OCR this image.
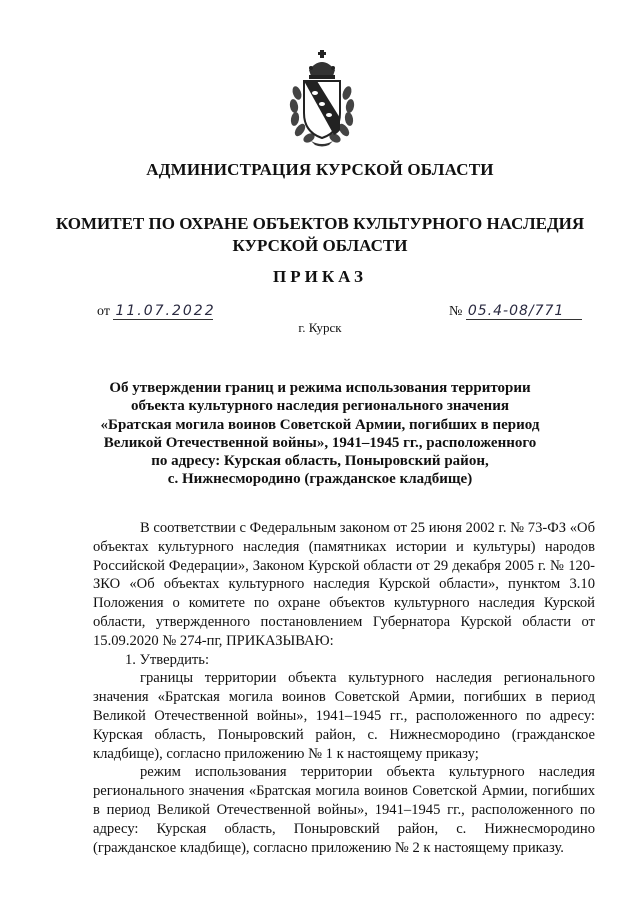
АДМИНИСТРАЦИЯ КУРСКОЙ ОБЛАСТИ
КОМИТЕТ ПО ОХРАНЕ ОБЪЕКТОВ КУЛЬТУРНОГО НАСЛЕДИЯ
КУРСКОЙ ОБЛАСТИ
ПРИКАЗ
от 11.07.2022	№ 05.4-08/771
г. Курск
Об утверждении границ и режима использования территории
объекта культурного наследия регионального значения
«Братская могила воинов Советской Армии, погибших в период
Великой Отечественной войны», 1941–1945 гг., расположенного
по адресу: Курская область, Поныровский район,
с. Нижнесмородино (гражданское кладбище)

В соответствии с Федеральным законом от 25 июня 2002 г. № 73-ФЗ «Об объектах культурного наследия (памятниках истории и культуры) народов Российской Федерации», Законом Курской области от 29 декабря 2005 г. № 120-ЗКО «Об объектах культурного наследия Курской области», пунктом 3.10 Положения о комитете по охране объектов культурного наследия Курской области, утвержденного постановлением Губернатора Курской области от 15.09.2020 № 274-пг, ПРИКАЗЫВАЮ:

1. Утвердить:

границы территории объекта культурного наследия регионального значения «Братская могила воинов Советской Армии, погибших в период Великой Отечественной войны», 1941–1945 гг., расположенного по адресу: Курская область, Поныровский район, с. Нижнесмородино (гражданское кладбище), согласно приложению № 1 к настоящему приказу;

режим использования территории объекта культурного наследия регионального значения «Братская могила воинов Советской Армии, погибших в период Великой Отечественной войны», 1941–1945 гг., расположенного по адресу: Курская область, Поныровский район, с. Нижнесмородино (гражданское кладбище), согласно приложению № 2 к настоящему приказу.
